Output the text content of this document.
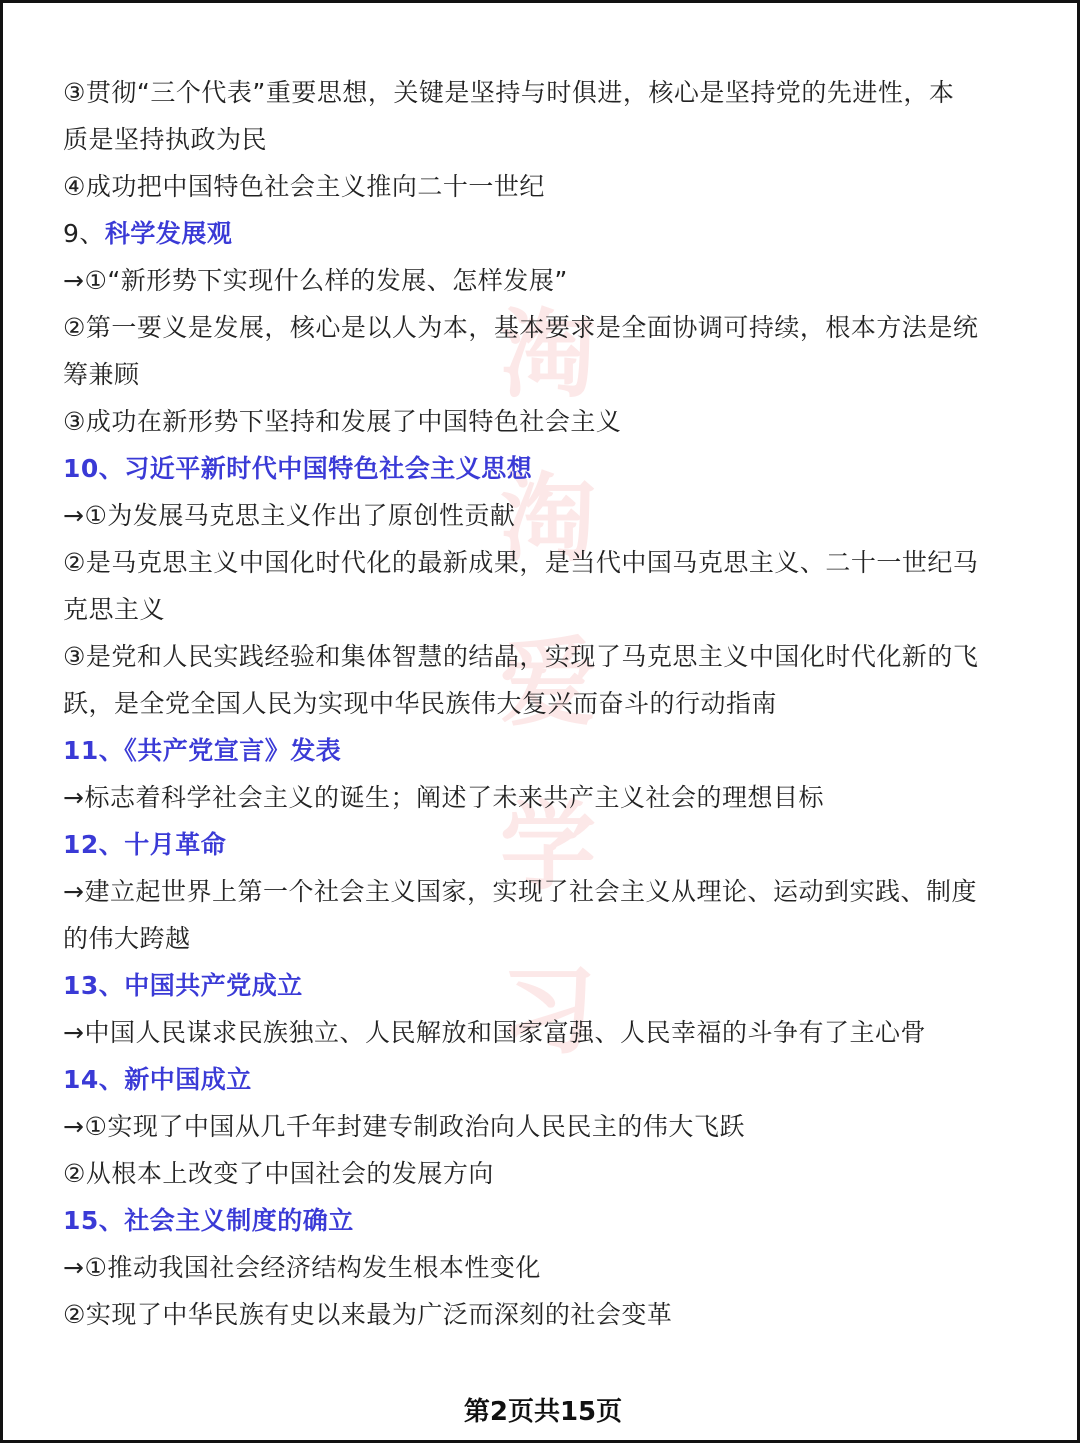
淘
淘
爱
学
习
③贯彻“三个代表”重要思想，关键是坚持与时俱进，核心是坚持党的先进性，本
质是坚持执政为民
④成功把中国特色社会主义推向二十一世纪
9、科学发展观
→①“新形势下实现什么样的发展、怎样发展”
②第一要义是发展，核心是以人为本，基本要求是全面协调可持续，根本方法是统
筹兼顾
③成功在新形势下坚持和发展了中国特色社会主义
10、习近平新时代中国特色社会主义思想
→①为发展马克思主义作出了原创性贡献
②是马克思主义中国化时代化的最新成果，是当代中国马克思主义、二十一世纪马
克思主义
③是党和人民实践经验和集体智慧的结晶，实现了马克思主义中国化时代化新的飞
跃，是全党全国人民为实现中华民族伟大复兴而奋斗的行动指南
11、《共产党宣言》发表
→标志着科学社会主义的诞生；阐述了未来共产主义社会的理想目标
12、十月革命
→建立起世界上第一个社会主义国家，实现了社会主义从理论、运动到实践、制度
的伟大跨越
13、中国共产党成立
→中国人民谋求民族独立、人民解放和国家富强、人民幸福的斗争有了主心骨
14、新中国成立
→①实现了中国从几千年封建专制政治向人民民主的伟大飞跃
②从根本上改变了中国社会的发展方向
15、社会主义制度的确立
→①推动我国社会经济结构发生根本性变化
②实现了中华民族有史以来最为广泛而深刻的社会变革
第2页共15页
